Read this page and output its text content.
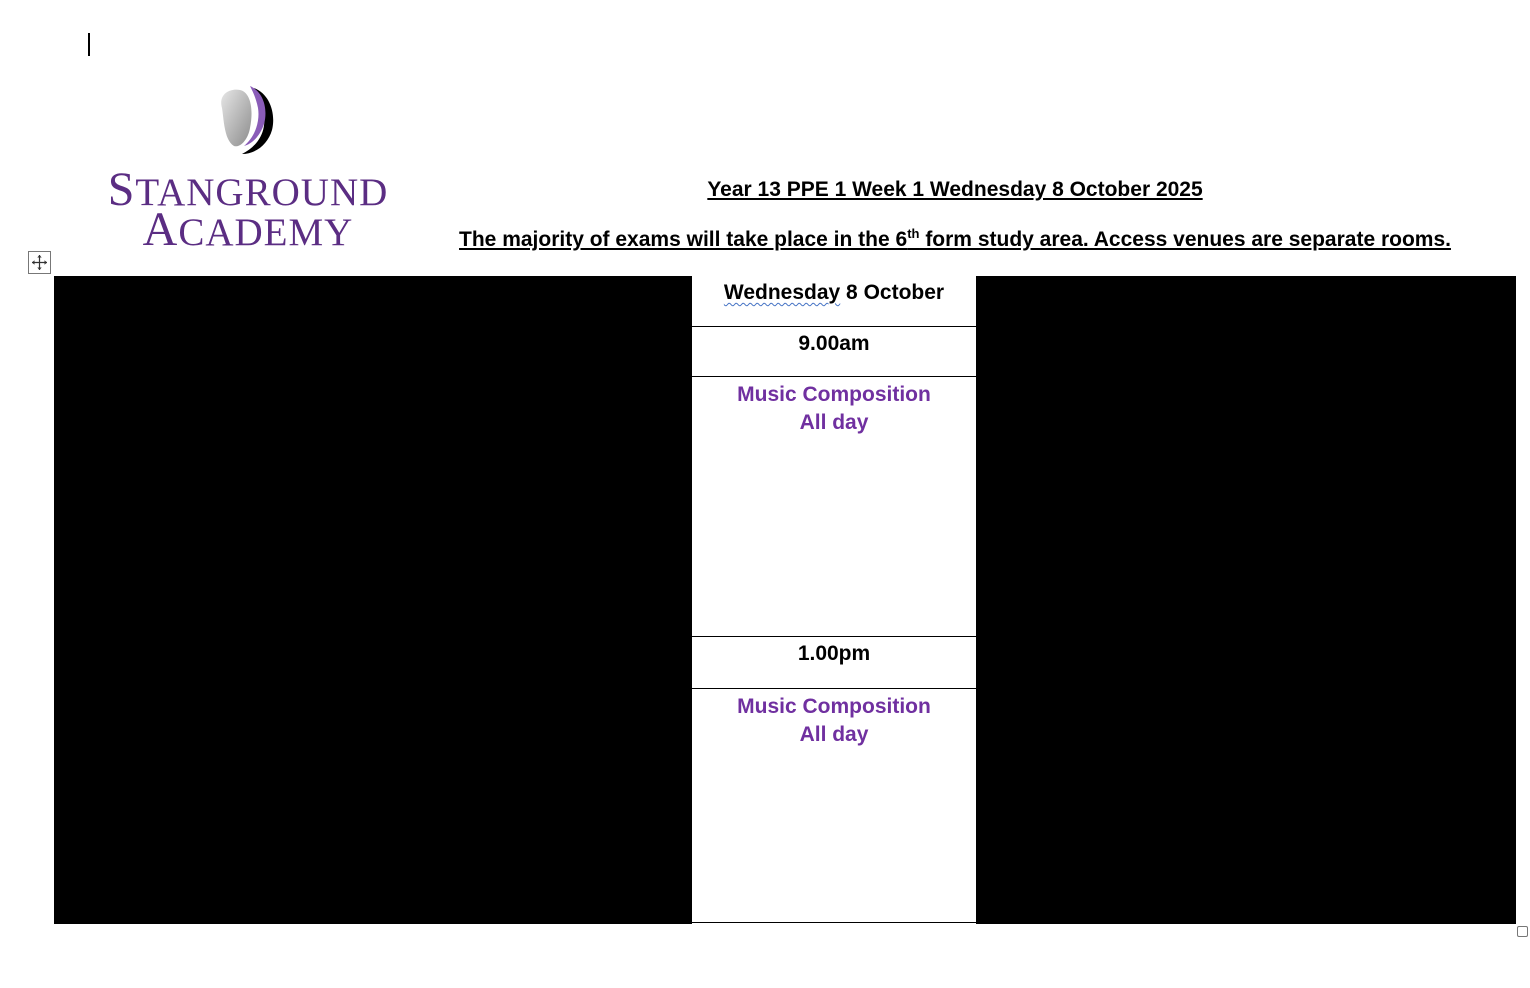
STANGROUND
ACADEMY
Year 13 PPE 1 Week 1 Wednesday 8 October 2025
The majority of exams will take place in the 6th form study area. Access venues are separate rooms.
Wednesday 8 October
9.00am
Music Composition
All day
1.00pm
Music Composition
All day
